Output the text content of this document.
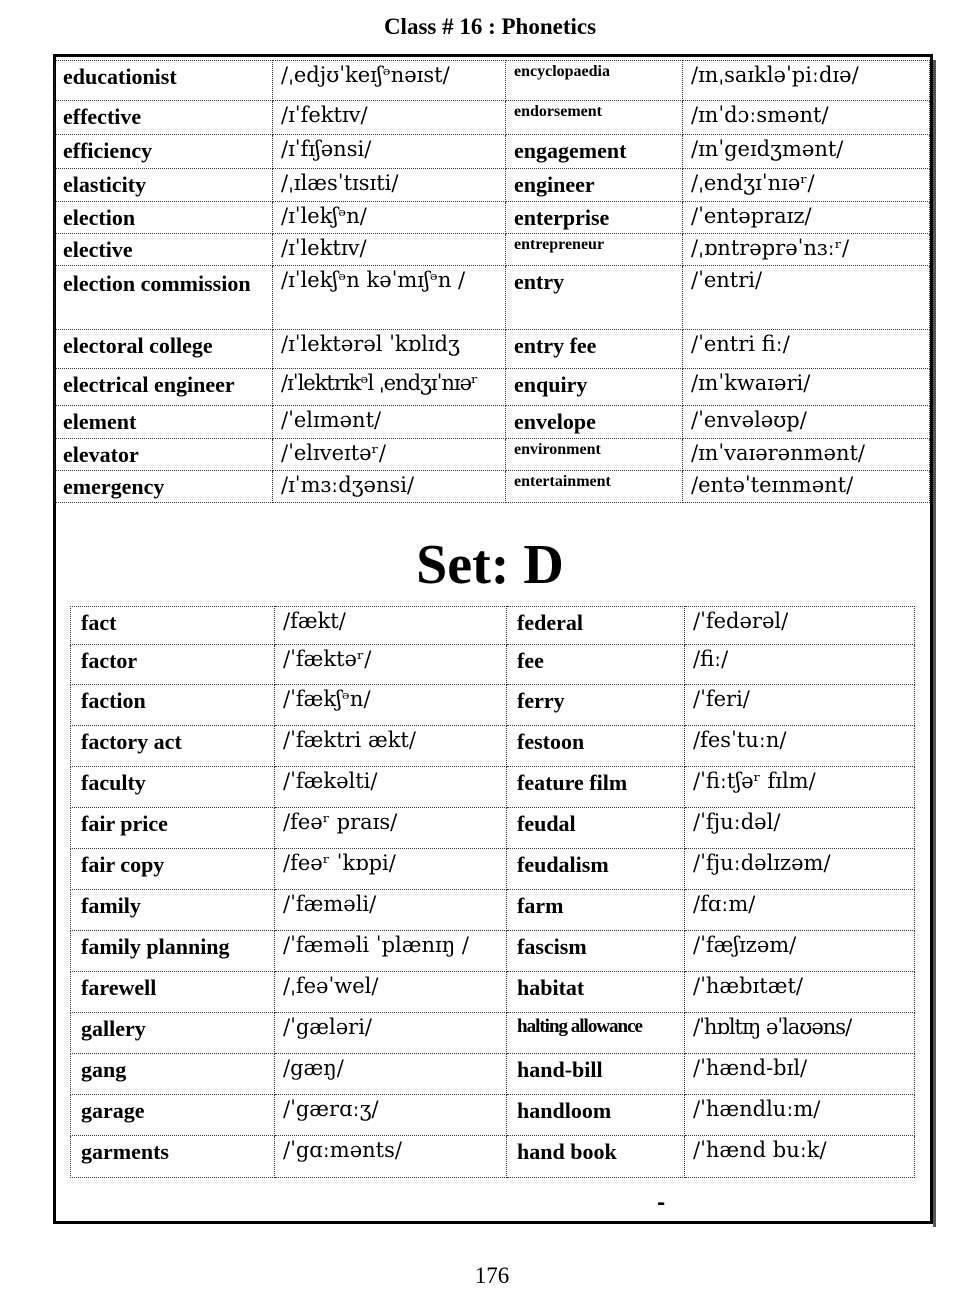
Class # 16 : Phonetics
educationist	/ˌedjʊˈkeɪʃᵊnəɪst/	encyclopaedia	/ɪnˌsaɪkləˈpiːdɪə/
effective	/ɪˈfektɪv/	endorsement	/ɪnˈdɔːsmənt/
efficiency	/ɪˈfɪʃənsi/	engagement	/ɪnˈgeɪdʒmənt/
elasticity	/ˌɪlæsˈtɪsɪti/	engineer	/ˌendʒɪˈnɪəʳ/
election	/ɪˈlekʃᵊn/	enterprise	/ˈentəpraɪz/
elective	/ɪˈlektɪv/	entrepreneur	/ˌɒntrəprəˈnɜːʳ/
election commission	/ɪˈlekʃᵊn kəˈmɪʃᵊn /	entry	/ˈentri/
electoral college	/ɪˈlektərəl ˈkɒlɪdʒ	entry fee	/ˈentri fiː/
electrical engineer	/ɪˈlektrɪkᵊl ˌendʒɪˈnɪəʳ	enquiry	/ɪnˈkwaɪəri/
element	/ˈelɪmənt/	envelope	/ˈenvələʊp/
elevator	/ˈelɪveɪtəʳ/	environment	/ɪnˈvaɪərənmənt/
emergency	/ɪˈmɜːdʒənsi/	entertainment	/entəˈteɪnmənt/
Set: D
fact	/fækt/	federal	/ˈfedərəl/
factor	/ˈfæktəʳ/	fee	/fiː/
faction	/ˈfækʃᵊn/	ferry	/ˈferi/
factory act	/ˈfæktri ækt/	festoon	/fesˈtuːn/
faculty	/ˈfækəlti/	feature film	/ˈfiːtʃəʳ fɪlm/
fair price	/feəʳ praɪs/	feudal	/ˈfjuːdəl/
fair copy	/feəʳ ˈkɒpi/	feudalism	/ˈfjuːdəlɪzəm/
family	/ˈfæməli/	farm	/fɑːm/
family planning	/ˈfæməli ˈplænɪŋ /	fascism	/ˈfæʃɪzəm/
farewell	/ˌfeəˈwel/	habitat	/ˈhæbɪtæt/
gallery	/ˈgæləri/	halting allowance	/ˈhɒltɪŋ əˈlaʊəns/
gang	/gæŋ/	hand-bill	/ˈhænd-bɪl/
garage	/ˈgærɑːʒ/	handloom	/ˈhændluːm/
garments	/ˈgɑːmənts/	hand book	/ˈhænd buːk/
-
176
